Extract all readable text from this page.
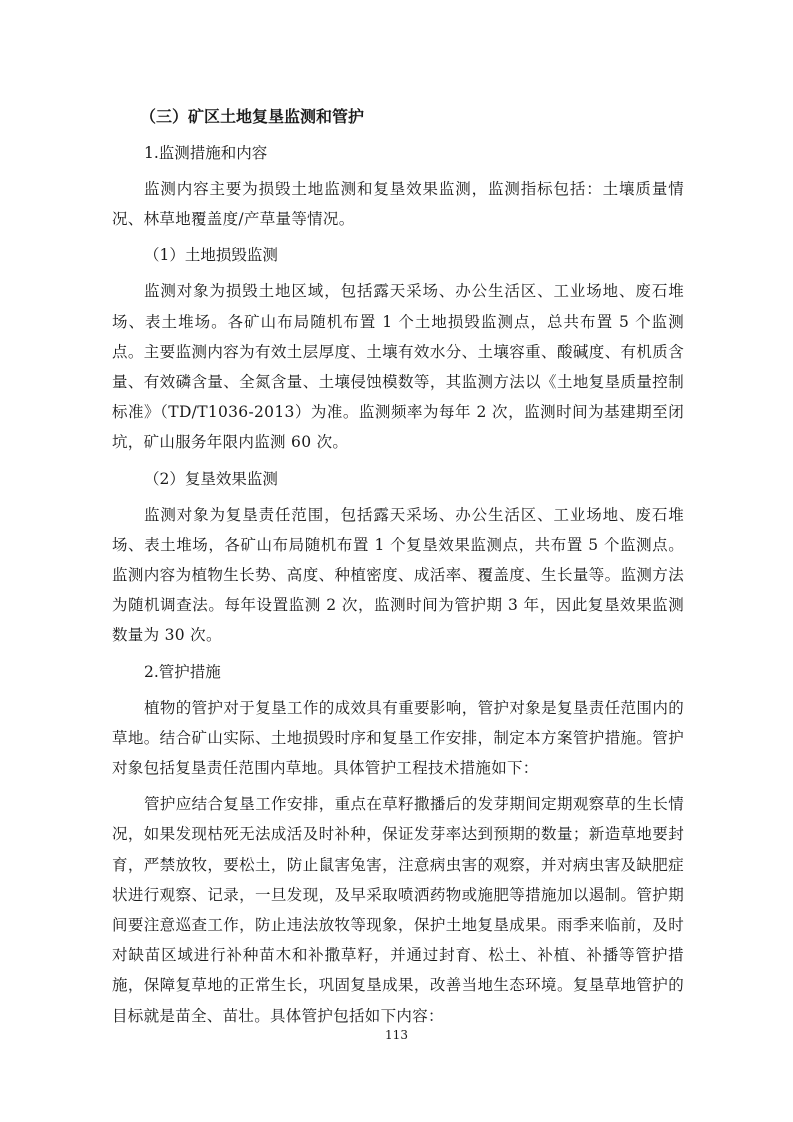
（三）矿区土地复垦监测和管护
1.监测措施和内容

监测内容主要为损毁土地监测和复垦效果监测，监测指标包括：土壤质量情况、林草地覆盖度/产草量等情况。

（1）土地损毁监测

监测对象为损毁土地区域，包括露天采场、办公生活区、工业场地、废石堆场、表土堆场。各矿山布局随机布置 1 个土地损毁监测点，总共布置 5 个监测点。主要监测内容为有效土层厚度、土壤有效水分、土壤容重、酸碱度、有机质含量、有效磷含量、全氮含量、土壤侵蚀模数等，其监测方法以《土地复垦质量控制标准》（TD/T1036-2013）为准。监测频率为每年 2 次，监测时间为基建期至闭坑，矿山服务年限内监测 60 次。

（2）复垦效果监测

监测对象为复垦责任范围，包括露天采场、办公生活区、工业场地、废石堆场、表土堆场，各矿山布局随机布置 1 个复垦效果监测点，共布置 5 个监测点。监测内容为植物生长势、高度、种植密度、成活率、覆盖度、生长量等。监测方法为随机调查法。每年设置监测 2 次，监测时间为管护期 3 年，因此复垦效果监测数量为 30 次。

2.管护措施

植物的管护对于复垦工作的成效具有重要影响，管护对象是复垦责任范围内的草地。结合矿山实际、土地损毁时序和复垦工作安排，制定本方案管护措施。管护对象包括复垦责任范围内草地。具体管护工程技术措施如下：

管护应结合复垦工作安排，重点在草籽撒播后的发芽期间定期观察草的生长情况，如果发现枯死无法成活及时补种，保证发芽率达到预期的数量；新造草地要封育，严禁放牧，要松土，防止鼠害兔害，注意病虫害的观察，并对病虫害及缺肥症状进行观察、记录，一旦发现，及早采取喷洒药物或施肥等措施加以遏制。管护期间要注意巡查工作，防止违法放牧等现象，保护土地复垦成果。雨季来临前，及时对缺苗区域进行补种苗木和补撒草籽，并通过封育、松土、补植、补播等管护措施，保障复草地的正常生长，巩固复垦成果，改善当地生态环境。复垦草地管护的目标就是苗全、苗壮。具体管护包括如下内容：

113
